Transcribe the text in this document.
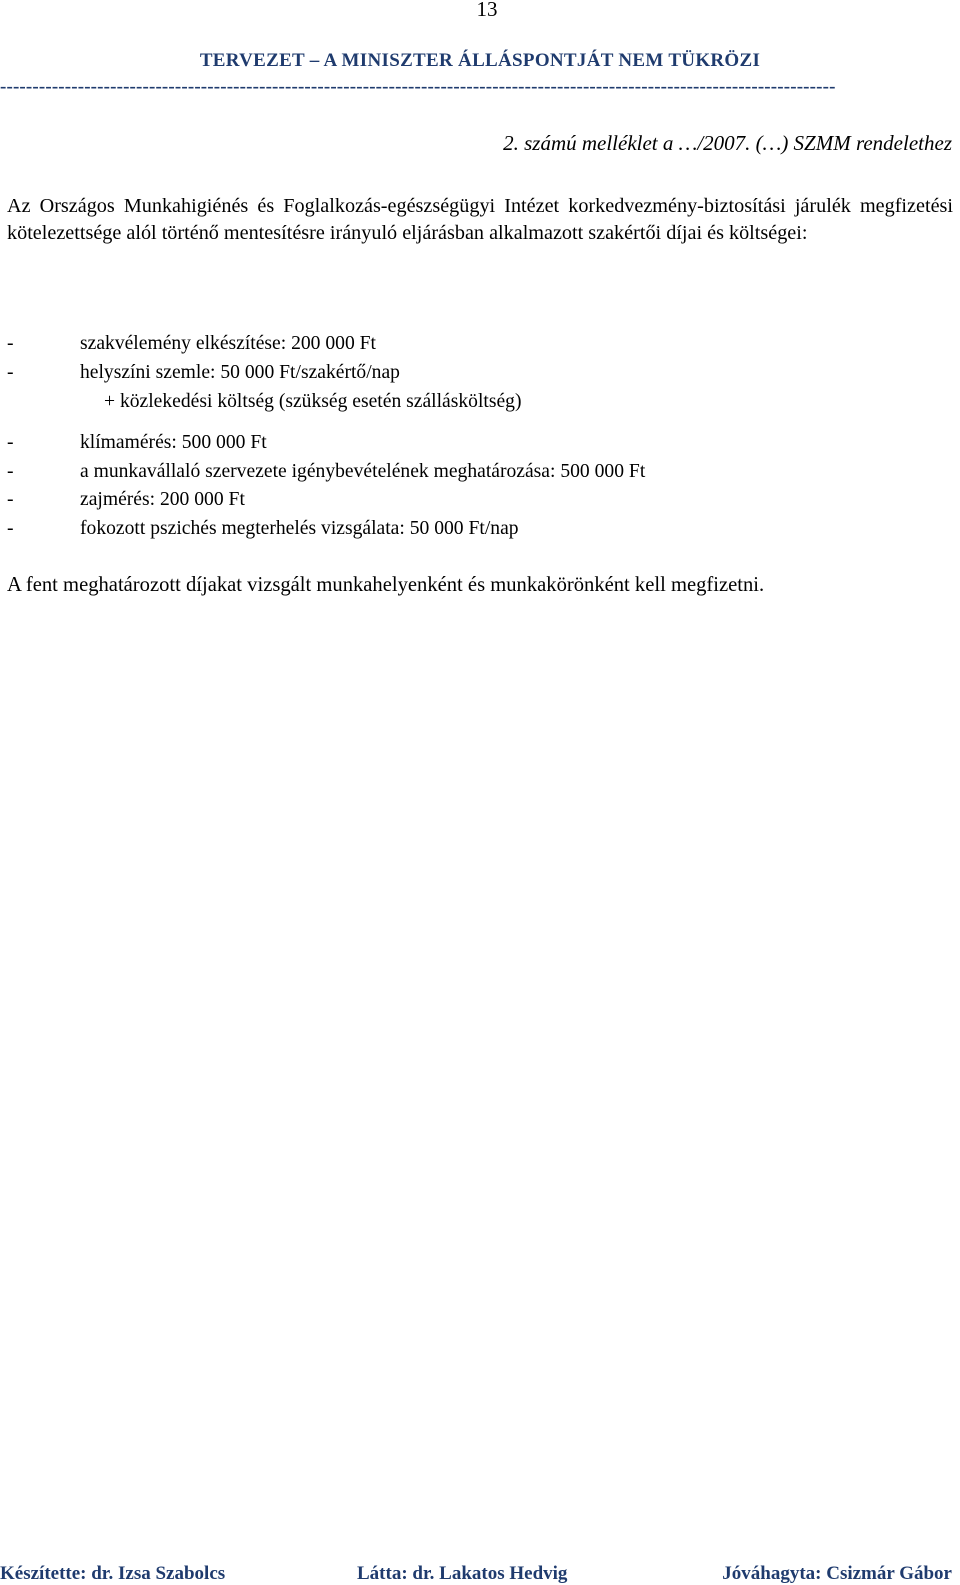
13
TERVEZET – A MINISZTER ÁLLÁSPONTJÁT NEM TÜKRÖZI
---------------------------------------------------------------------------------------------------------------------------------
2. számú melléklet a …/2007. (…) SZMM rendelethez
Az Országos Munkahigiénés és Foglalkozás-egészségügyi Intézet korkedvezmény-biztosítási járulék megfizetési kötelezettsége alól történő mentesítésre irányuló eljárásban alkalmazott szakértői díjai és költségei:
-	szakvélemény elkészítése: 200 000 Ft
-	helyszíni szemle: 50 000 Ft/szakértő/nap
+ közlekedési költség (szükség esetén szállásköltség)
-	klímamérés: 500 000 Ft
-	a munkavállaló szervezete igénybevételének meghatározása: 500 000 Ft
-	zajmérés: 200 000 Ft
-	fokozott pszichés megterhelés vizsgálata: 50 000 Ft/nap
A fent meghatározott díjakat vizsgált munkahelyenként és munkakörönként kell megfizetni.
Készítette: dr. Izsa Szabolcs	Látta: dr. Lakatos Hedvig	Jóváhagyta: Csizmár Gábor
